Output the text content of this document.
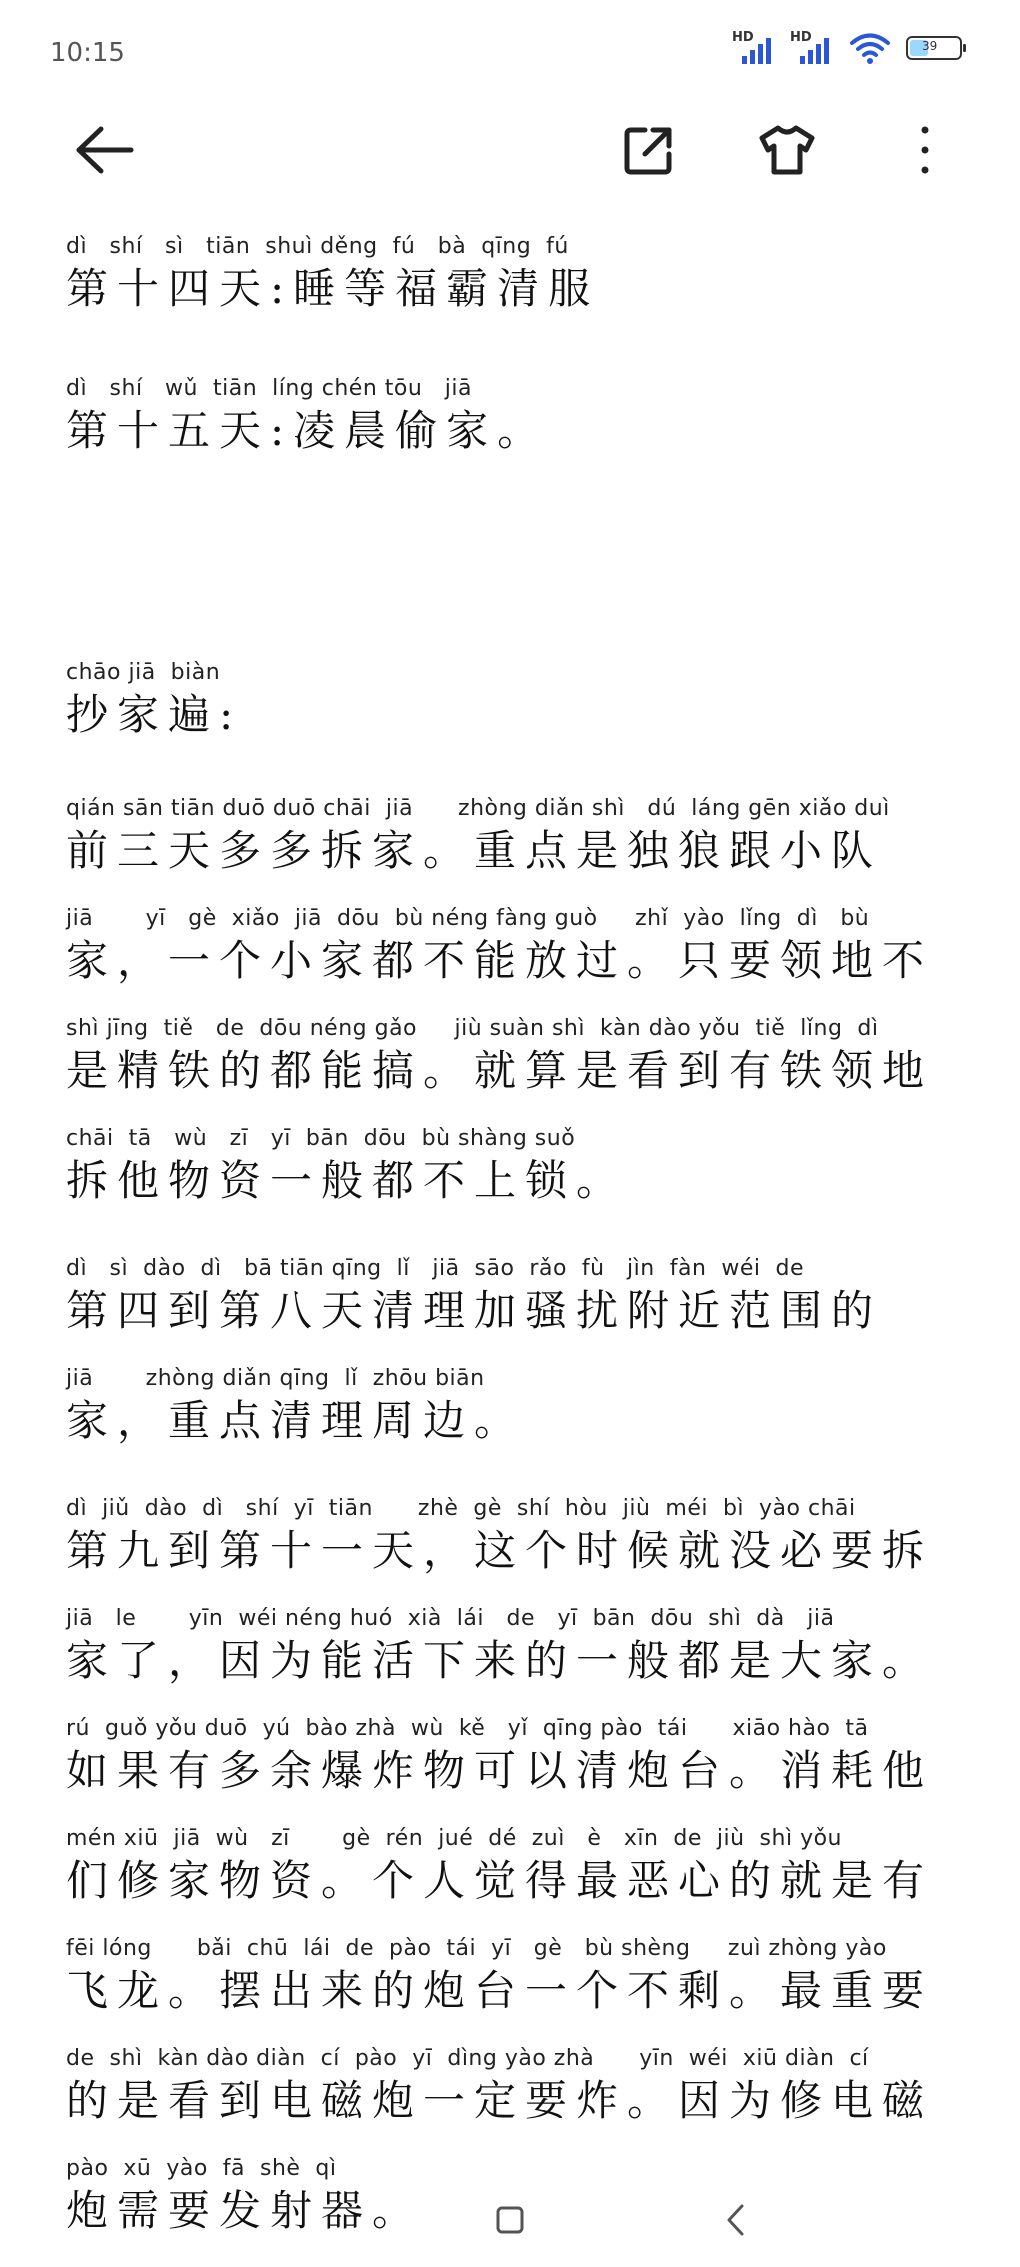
10:15
HD	HD
39
dì   shí   sì   tiān  shuì děng  fú   bà  qīng  fú
第十四天:睡等福霸清服
dì   shí   wǔ  tiān  líng chén tōu   jiā
第十五天:凌晨偷家。
chāo jiā  biàn
抄家遍:
qián sān tiān duō duō chāi  jiā      zhòng diǎn shì   dú  láng gēn xiǎo duì
前三天多多拆家。重点是独狼跟小队
jiā       yī   gè  xiǎo  jiā  dōu  bù néng fàng guò     zhǐ  yào  lǐng  dì   bù
家，一个小家都不能放过。只要领地不
shì jīng  tiě   de  dōu néng gǎo     jiù suàn shì  kàn dào yǒu  tiě  lǐng  dì
是精铁的都能搞。就算是看到有铁领地
chāi  tā   wù   zī   yī  bān  dōu  bù shàng suǒ
拆他物资一般都不上锁。
dì   sì  dào  dì   bā tiān qīng  lǐ   jiā  sāo  rǎo  fù   jìn  fàn  wéi  de
第四到第八天清理加骚扰附近范围的
jiā       zhòng diǎn qīng  lǐ  zhōu biān
家，重点清理周边。
dì  jiǔ  dào  dì   shí  yī  tiān      zhè  gè  shí  hòu  jiù  méi  bì  yào chāi
第九到第十一天，这个时候就没必要拆
jiā   le       yīn  wéi néng huó  xià  lái   de   yī  bān  dōu  shì  dà   jiā
家了，因为能活下来的一般都是大家。
rú  guǒ yǒu duō  yú  bào zhà  wù  kě   yǐ  qīng pào  tái      xiāo hào  tā
如果有多余爆炸物可以清炮台。消耗他
mén xiū  jiā  wù   zī       gè  rén  jué  dé  zuì   è   xīn  de  jiù  shì yǒu
们修家物资。个人觉得最恶心的就是有
fēi lóng      bǎi  chū  lái  de  pào  tái  yī   gè   bù shèng     zuì zhòng yào
飞龙。摆出来的炮台一个不剩。最重要
de  shì  kàn dào diàn  cí  pào  yī  dìng yào zhà      yīn  wéi  xiū diàn  cí
的是看到电磁炮一定要炸。因为修电磁
pào  xū  yào  fā  shè  qì
炮需要发射器。
